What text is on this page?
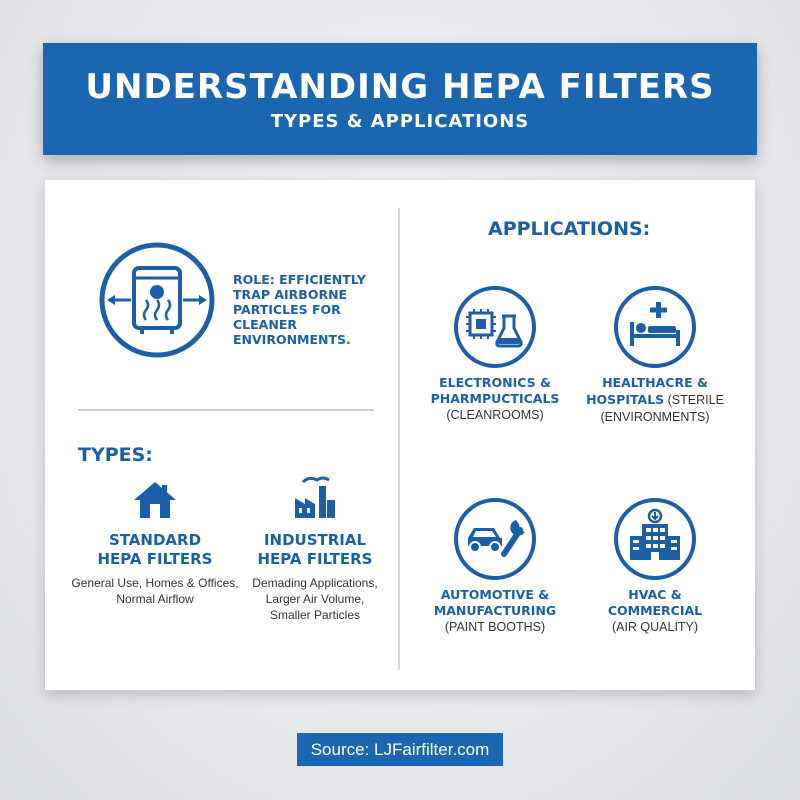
UNDERSTANDING HEPA FILTERS
TYPES & APPLICATIONS
ROLE: EFFICIENTLY TRAP AIRBORNE PARTICLES FOR CLEANER ENVIRONMENTS.
TYPES:
STANDARD
HEPA FILTERS
General Use, Homes & Offices,
Normal Airflow
INDUSTRIAL
HEPA FILTERS
Demading Applications,
Larger Air Volume,
Smaller Particles
APPLICATIONS:
ELECTRONICS &
PHARMPUCTICALS
(CLEANROOMS)
HEALTHACRE &
HOSPITALS (STERILE
(ENVIRONMENTS)
AUTOMOTIVE &
MANUFACTURING
(PAINT BOOTHS)
HVAC &
COMMERCIAL
(AIR QUALITY)
Source: LJFairfilter.com
